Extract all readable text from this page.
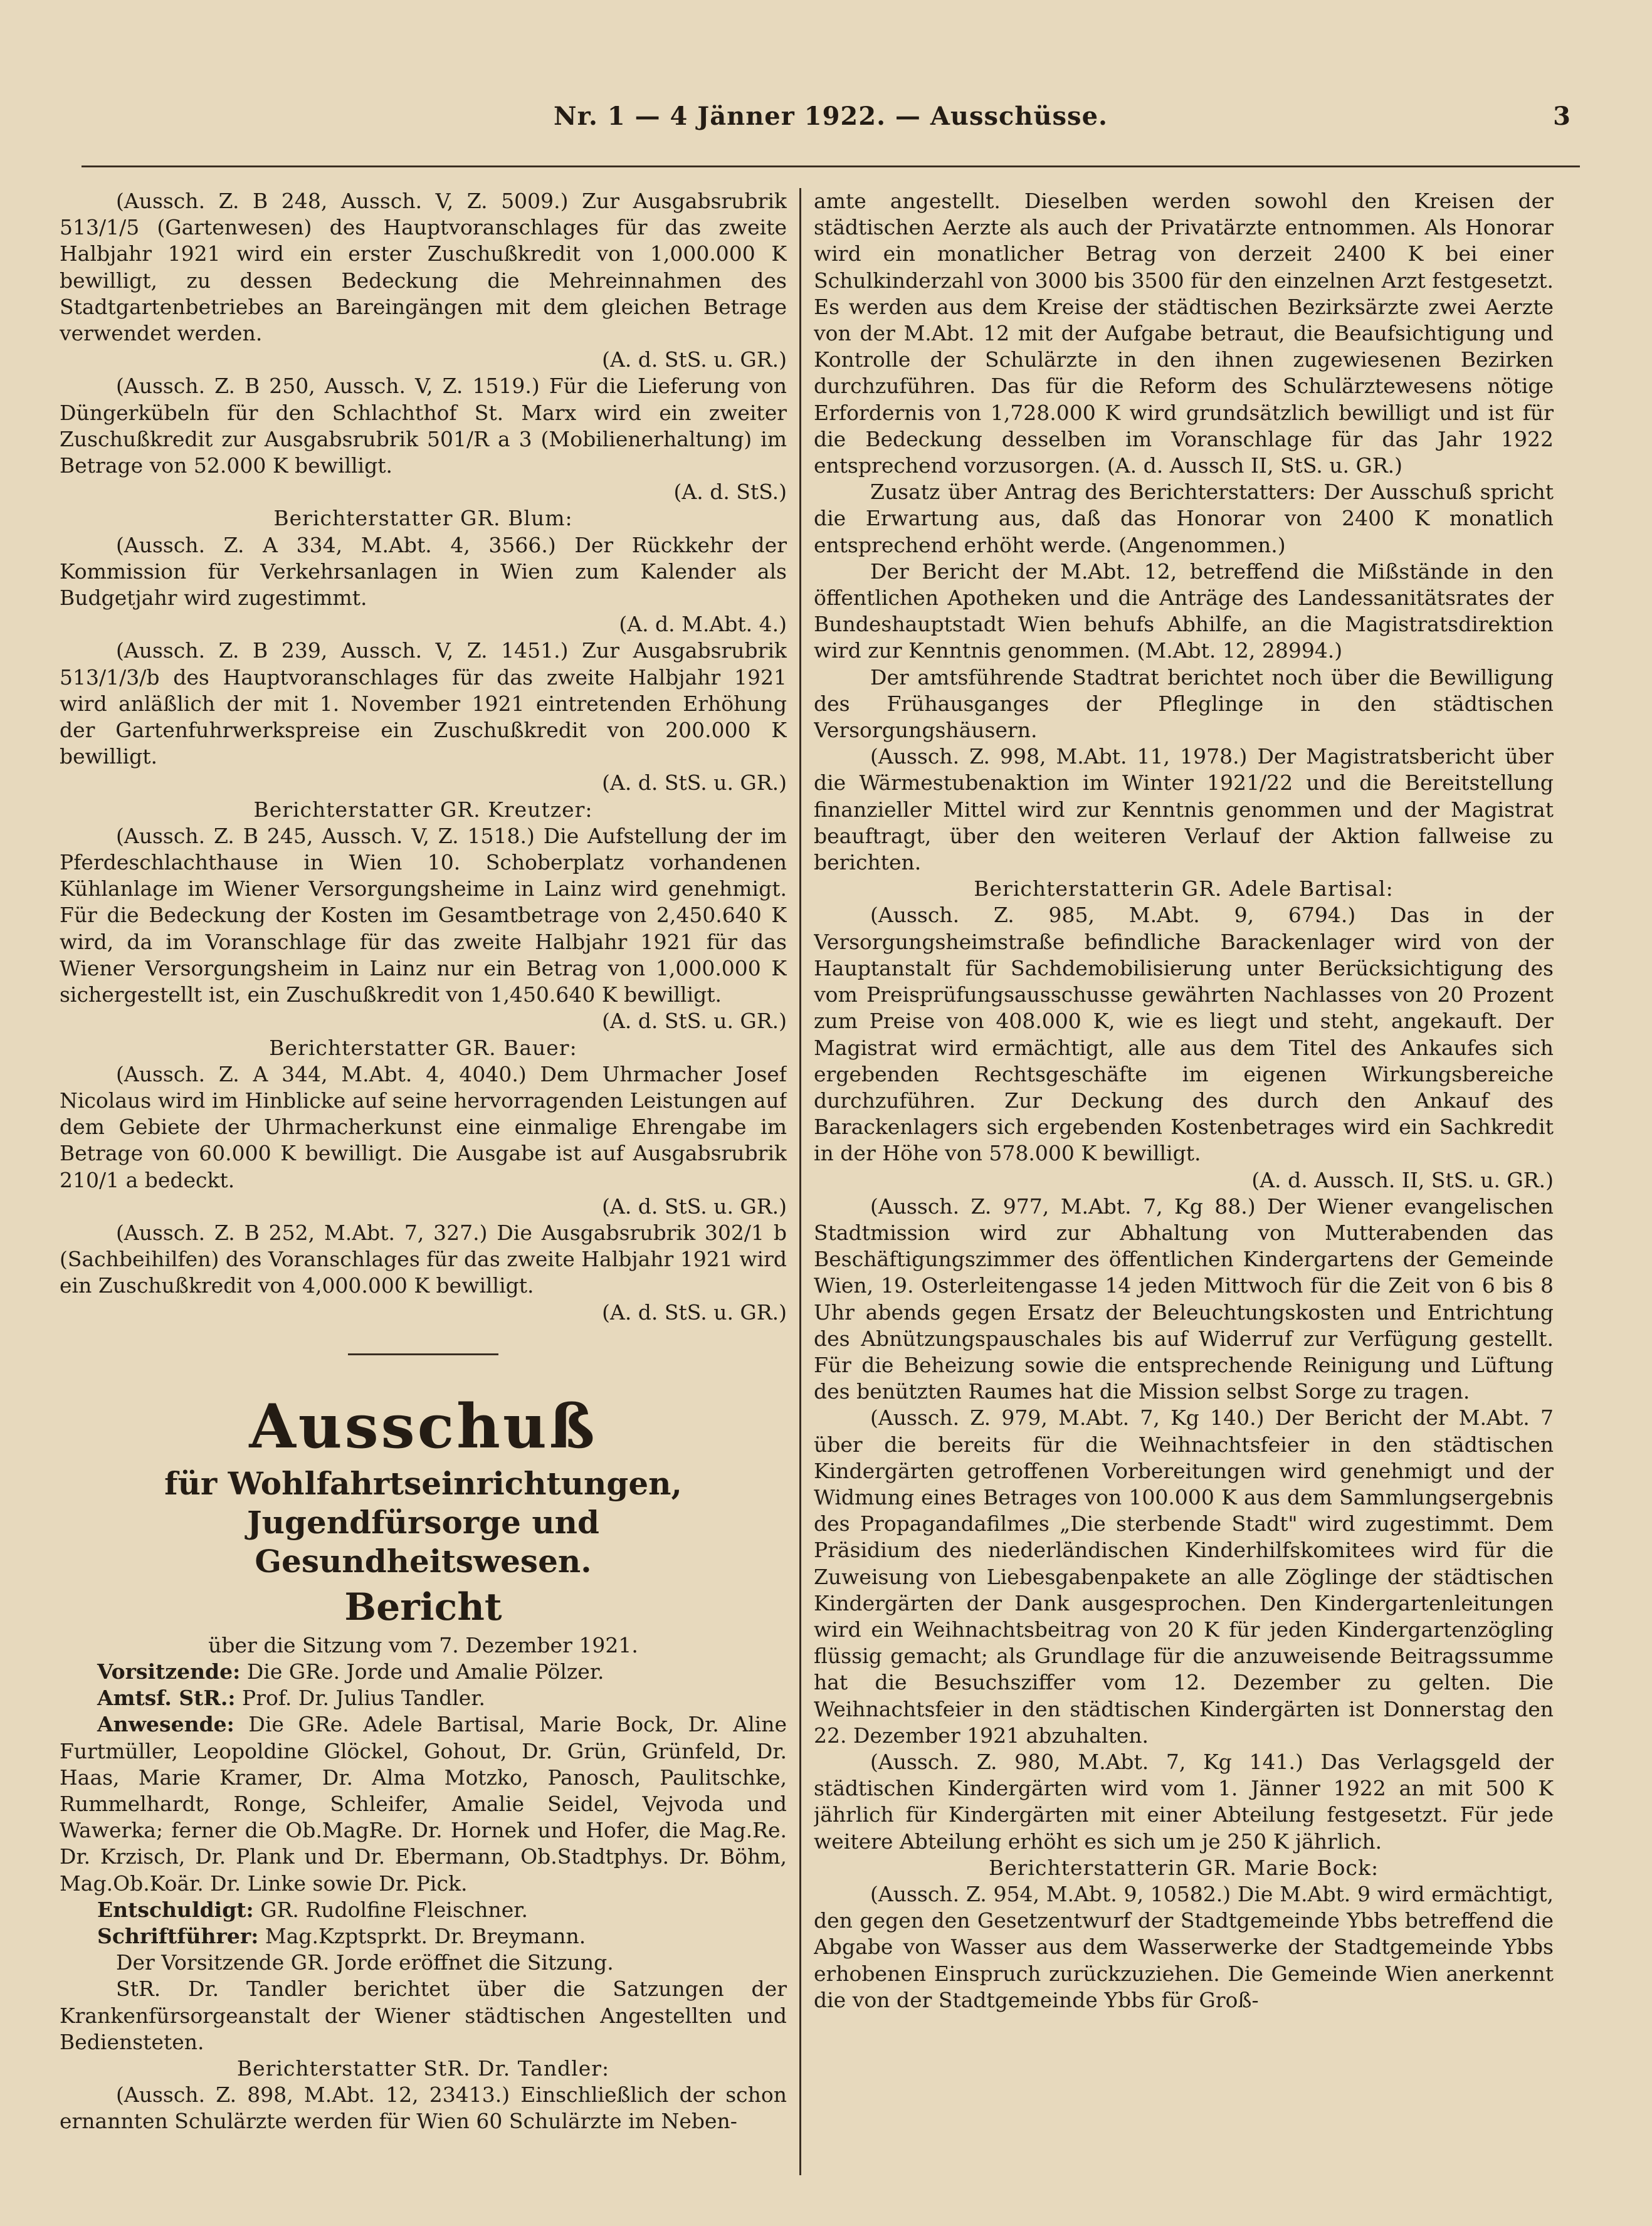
Nr. 1 — 4 Jänner 1922. — Ausschüsse.	3

(Aussch. Z. B 248, Aussch. V, Z. 5009.) Zur Ausgabsrubrik 513/1/5 (Gartenwesen) des Hauptvoranschlages für das zweite Halbjahr 1921 wird ein erster Zuschußkredit von 1,000.000 K bewilligt, zu dessen Bedeckung die Mehreinnahmen des Stadtgartenbetriebes an Bareingängen mit dem gleichen Betrage verwendet werden.

(A. d. StS. u. GR.)

(Aussch. Z. B 250, Aussch. V, Z. 1519.) Für die Lieferung von Düngerkübeln für den Schlachthof St. Marx wird ein zweiter Zuschußkredit zur Ausgabsrubrik 501/R a 3 (Mobilienerhaltung) im Betrage von 52.000 K bewilligt.

(A. d. StS.)
Berichterstatter GR. Blum:

(Aussch. Z. A 334, M.Abt. 4, 3566.) Der Rückkehr der Kommission für Verkehrsanlagen in Wien zum Kalender als Budgetjahr wird zugestimmt.

(A. d. M.Abt. 4.)

(Aussch. Z. B 239, Aussch. V, Z. 1451.) Zur Ausgabsrubrik 513/1/3/b des Hauptvoranschlages für das zweite Halbjahr 1921 wird anläßlich der mit 1. November 1921 eintretenden Erhöhung der Gartenfuhrwerkspreise ein Zuschußkredit von 200.000 K bewilligt.

(A. d. StS. u. GR.)
Berichterstatter GR. Kreutzer:

(Aussch. Z. B 245, Aussch. V, Z. 1518.) Die Aufstellung der im Pferdeschlachthause in Wien 10. Schoberplatz vorhandenen Kühlanlage im Wiener Versorgungsheime in Lainz wird genehmigt. Für die Bedeckung der Kosten im Gesamtbetrage von 2,450.640 K wird, da im Voranschlage für das zweite Halbjahr 1921 für das Wiener Versorgungsheim in Lainz nur ein Betrag von 1,000.000 K sichergestellt ist, ein Zuschußkredit von 1,450.640 K bewilligt.

(A. d. StS. u. GR.)
Berichterstatter GR. Bauer:

(Aussch. Z. A 344, M.Abt. 4, 4040.) Dem Uhrmacher Josef Nicolaus wird im Hinblicke auf seine hervorragenden Leistungen auf dem Gebiete der Uhrmacherkunst eine einmalige Ehrengabe im Betrage von 60.000 K bewilligt. Die Ausgabe ist auf Ausgabsrubrik 210/1 a bedeckt.

(A. d. StS. u. GR.)

(Aussch. Z. B 252, M.Abt. 7, 327.) Die Ausgabsrubrik 302/1 b (Sachbeihilfen) des Voranschlages für das zweite Halbjahr 1921 wird ein Zuschußkredit von 4,000.000 K bewilligt.

(A. d. StS. u. GR.)

Ausschuß

für Wohlfahrtseinrichtungen, Jugendfürsorge und

Gesundheitswesen.

Bericht

über die Sitzung vom 7. Dezember 1921.

Vorsitzende: Die GRe. Jorde und Amalie Pölzer.

Amtsf. StR.: Prof. Dr. Julius Tandler.

Anwesende: Die GRe. Adele Bartisal, Marie Bock, Dr. Aline Furtmüller, Leopoldine Glöckel, Gohout, Dr. Grün, Grünfeld, Dr. Haas, Marie Kramer, Dr. Alma Motzko, Panosch, Paulitschke, Rummelhardt, Ronge, Schleifer, Amalie Seidel, Vejvoda und Wawerka; ferner die Ob.MagRe. Dr. Hornek und Hofer, die Mag.Re. Dr. Krzisch, Dr. Plank und Dr. Ebermann, Ob.Stadtphys. Dr. Böhm, Mag.Ob.Koär. Dr. Linke sowie Dr. Pick.

Entschuldigt: GR. Rudolfine Fleischner.

Schriftführer: Mag.Kzptsprkt. Dr. Breymann.

Der Vorsitzende GR. Jorde eröffnet die Sitzung.

StR. Dr. Tandler berichtet über die Satzungen der Krankenfürsorgeanstalt der Wiener städtischen Angestellten und Bediensteten.

Berichterstatter StR. Dr. Tandler:

(Aussch. Z. 898, M.Abt. 12, 23413.) Einschließlich der schon ernannten Schulärzte werden für Wien 60 Schulärzte im Neben-

amte angestellt. Dieselben werden sowohl den Kreisen der städtischen Aerzte als auch der Privatärzte entnommen. Als Honorar wird ein monatlicher Betrag von derzeit 2400 K bei einer Schulkinderzahl von 3000 bis 3500 für den einzelnen Arzt festgesetzt. Es werden aus dem Kreise der städtischen Bezirksärzte zwei Aerzte von der M.Abt. 12 mit der Aufgabe betraut, die Beaufsichtigung und Kontrolle der Schulärzte in den ihnen zugewiesenen Bezirken durchzuführen. Das für die Reform des Schulärztewesens nötige Erfordernis von 1,728.000 K wird grundsätzlich bewilligt und ist für die Bedeckung desselben im Voranschlage für das Jahr 1922 entsprechend vorzusorgen. (A. d. Aussch II, StS. u. GR.)

Zusatz über Antrag des Berichterstatters: Der Ausschuß spricht die Erwartung aus, daß das Honorar von 2400 K monatlich entsprechend erhöht werde. (Angenommen.)

Der Bericht der M.Abt. 12, betreffend die Mißstände in den öffentlichen Apotheken und die Anträge des Landessanitätsrates der Bundeshauptstadt Wien behufs Abhilfe, an die Magistratsdirektion wird zur Kenntnis genommen. (M.Abt. 12, 28994.)

Der amtsführende Stadtrat berichtet noch über die Bewilligung des Frühausganges der Pfleglinge in den städtischen Versorgungshäusern.

(Aussch. Z. 998, M.Abt. 11, 1978.) Der Magistratsbericht über die Wärmestubenaktion im Winter 1921/22 und die Bereitstellung finanzieller Mittel wird zur Kenntnis genommen und der Magistrat beauftragt, über den weiteren Verlauf der Aktion fallweise zu berichten.

Berichterstatterin GR. Adele Bartisal:

(Aussch. Z. 985, M.Abt. 9, 6794.) Das in der Versorgungsheimstraße befindliche Barackenlager wird von der Hauptanstalt für Sachdemobilisierung unter Berücksichtigung des vom Preisprüfungsausschusse gewährten Nachlasses von 20 Prozent zum Preise von 408.000 K, wie es liegt und steht, angekauft. Der Magistrat wird ermächtigt, alle aus dem Titel des Ankaufes sich ergebenden Rechtsgeschäfte im eigenen Wirkungsbereiche durchzuführen. Zur Deckung des durch den Ankauf des Barackenlagers sich ergebenden Kostenbetrages wird ein Sachkredit in der Höhe von 578.000 K bewilligt.

(A. d. Aussch. II, StS. u. GR.)

(Aussch. Z. 977, M.Abt. 7, Kg 88.) Der Wiener evangelischen Stadtmission wird zur Abhaltung von Mutterabenden das Beschäftigungszimmer des öffentlichen Kindergartens der Gemeinde Wien, 19. Osterleitengasse 14 jeden Mittwoch für die Zeit von 6 bis 8 Uhr abends gegen Ersatz der Beleuchtungskosten und Entrichtung des Abnützungspauschales bis auf Widerruf zur Verfügung gestellt. Für die Beheizung sowie die entsprechende Reinigung und Lüftung des benützten Raumes hat die Mission selbst Sorge zu tragen.

(Aussch. Z. 979, M.Abt. 7, Kg 140.) Der Bericht der M.Abt. 7 über die bereits für die Weihnachtsfeier in den städtischen Kindergärten getroffenen Vorbereitungen wird genehmigt und der Widmung eines Betrages von 100.000 K aus dem Sammlungsergebnis des Propagandafilmes „Die sterbende Stadt" wird zugestimmt. Dem Präsidium des niederländischen Kinderhilfskomitees wird für die Zuweisung von Liebesgabenpakete an alle Zöglinge der städtischen Kindergärten der Dank ausgesprochen. Den Kindergartenleitungen wird ein Weihnachtsbeitrag von 20 K für jeden Kindergartenzögling flüssig gemacht; als Grundlage für die anzuweisende Beitragssumme hat die Besuchsziffer vom 12. Dezember zu gelten. Die Weihnachtsfeier in den städtischen Kindergärten ist Donnerstag den 22. Dezember 1921 abzuhalten.

(Aussch. Z. 980, M.Abt. 7, Kg 141.) Das Verlagsgeld der städtischen Kindergärten wird vom 1. Jänner 1922 an mit 500 K jährlich für Kindergärten mit einer Abteilung festgesetzt. Für jede weitere Abteilung erhöht es sich um je 250 K jährlich.

Berichterstatterin GR. Marie Bock:

(Aussch. Z. 954, M.Abt. 9, 10582.) Die M.Abt. 9 wird ermächtigt, den gegen den Gesetzentwurf der Stadtgemeinde Ybbs betreffend die Abgabe von Wasser aus dem Wasserwerke der Stadtgemeinde Ybbs erhobenen Einspruch zurückzuziehen. Die Gemeinde Wien anerkennt die von der Stadtgemeinde Ybbs für Groß-
